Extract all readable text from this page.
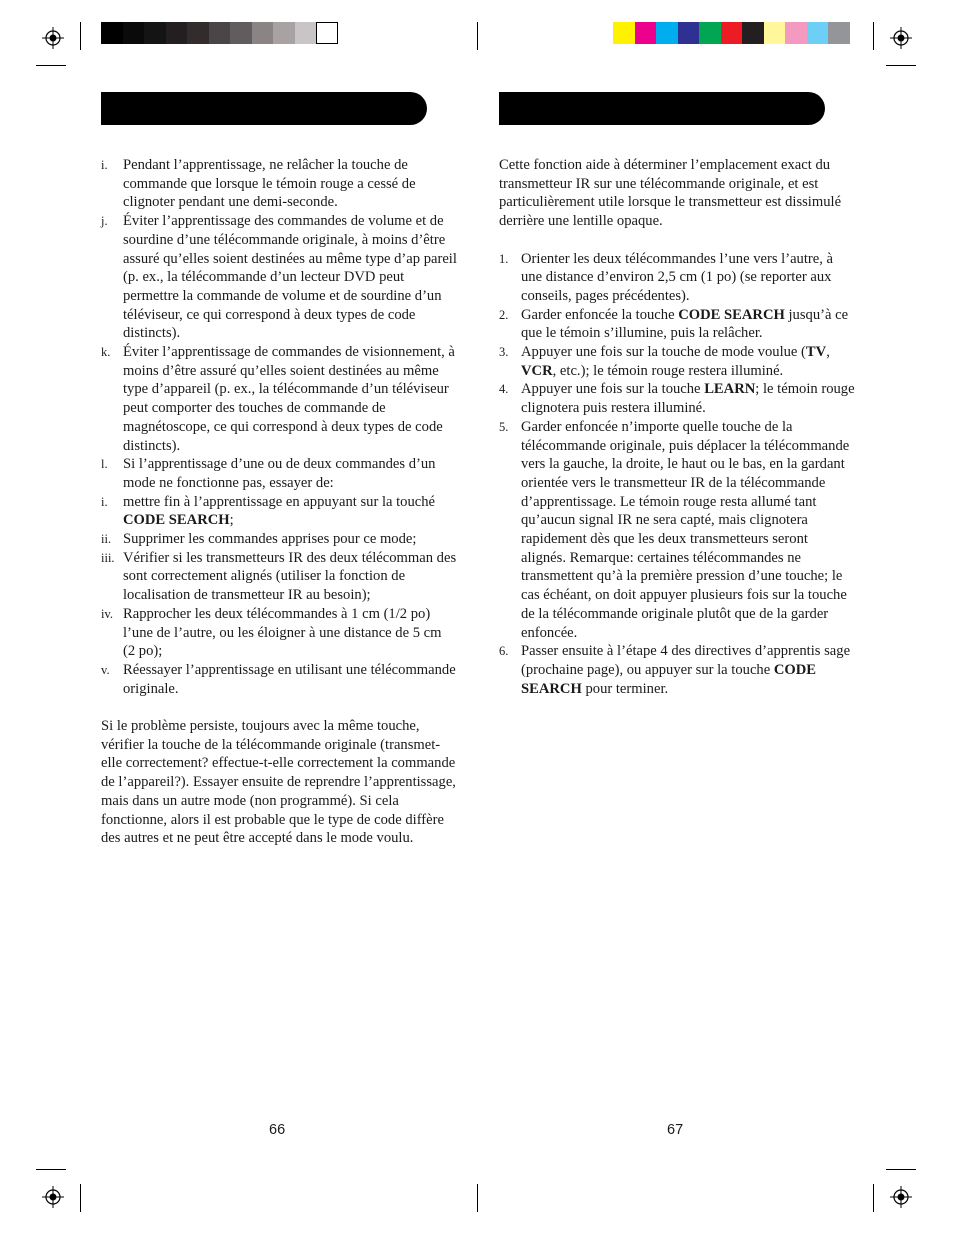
i.	Pendant l’apprentissage, ne relâcher la touche de commande que lorsque le témoin rouge a cessé de clignoter pendant une demi-seconde.
j.	Éviter l’apprentissage des commandes de volume et de sourdine d’une télécommande originale, à moins d’être assuré qu’elles soient destinées au même type d’ap pareil (p. ex., la télécommande d’un lecteur DVD peut permettre la commande de volume et de sourdine d’un téléviseur, ce qui correspond à deux types de code distincts).
k. Éviter l’apprentissage de commandes de visionnement, à moins d’être assuré qu’elles soient destinées au même type d’appareil (p. ex., la télécommande d’un téléviseur peut comporter des touches de commande de magnétoscope, ce qui correspond à deux types de code distincts).
l.	Si l’apprentissage d’une ou de deux commandes d’un mode ne fonctionne pas, essayer de:
i.	mettre fin à l’apprentissage en appuyant sur la touché CODE SEARCH;
ii. Supprimer les commandes apprises pour ce mode;
iii. Vérifier si les transmetteurs IR des deux télécomman des sont correctement alignés (utiliser la fonction de localisation de transmetteur IR au besoin);
iv. Rapprocher les deux télécommandes à 1 cm (1/2 po) l’une de l’autre, ou les éloigner à une distance de 5 cm (2 po);
v. Réessayer l’apprentissage en utilisant une télécommande originale.

Si le problème persiste, toujours avec la même touche, vérifier la touche de la télécommande originale (transmet-elle correctement? effectue-t-elle correctement la commande de l’appareil?). Essayer ensuite de reprendre l’apprentissage, mais dans un autre mode (non programmé). Si cela fonctionne, alors il est probable que le type de code diffère des autres et ne peut être accepté dans le mode voulu.

Cette fonction aide à déterminer l’emplacement exact du transmetteur IR sur une télécommande originale, et est particulièrement utile lorsque le transmetteur est dissimulé derrière une lentille opaque.

1. Orienter les deux télécommandes l’une vers l’autre, à une distance d’environ 2,5 cm (1 po) (se reporter aux conseils, pages précédentes).
2. Garder enfoncée la touche CODE SEARCH jusqu’à ce que le témoin s’illumine, puis la relâcher.
3. Appuyer une fois sur la touche de mode voulue (TV, VCR, etc.); le témoin rouge restera illuminé.
4. Appuyer une fois sur la touche LEARN; le témoin rouge clignotera puis restera illuminé.
5. Garder enfoncée n’importe quelle touche de la télécommande originale, puis déplacer la télécommande vers la gauche, la droite, le haut ou le bas, en la gardant orientée vers le transmetteur IR de la télécommande d’apprentissage. Le témoin rouge resta allumé tant qu’aucun signal IR ne sera capté, mais clignotera rapidement dès que les deux transmetteurs seront alignés. Remarque: certaines télécommandes ne transmettent qu’à la première pression d’une touche; le cas échéant, on doit appuyer plusieurs fois sur la touche de la télécommande originale plutôt que de la garder enfoncée.
6. Passer ensuite à l’étape 4 des directives d’apprentis sage (prochaine page), ou appuyer sur la touche CODE SEARCH pour terminer.
66	67
